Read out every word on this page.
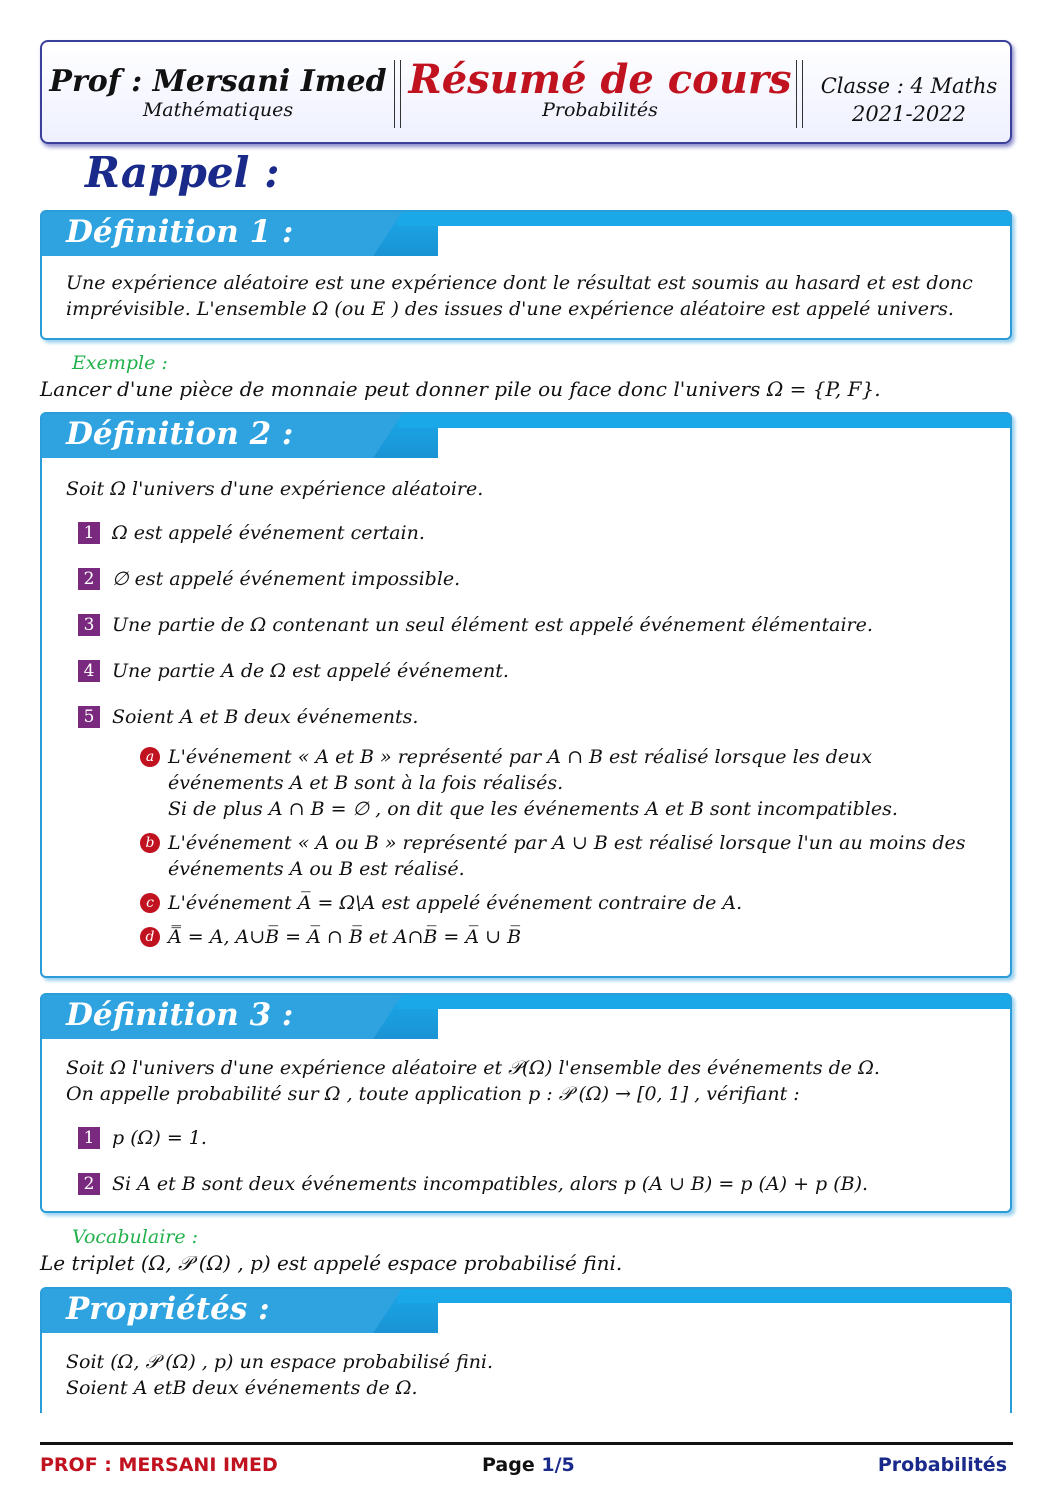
Prof : Mersani Imed
Mathématiques
Résumé de cours
Probabilités
Classe : 4 Maths
2021-2022
Rappel :
Définition 1 :
Une expérience aléatoire est une expérience dont le résultat est soumis au hasard et est donc imprévisible. L'ensemble Ω (ou E ) des issues d'une expérience aléatoire est appelé univers.
Exemple :
Lancer d'une pièce de monnaie peut donner pile ou face donc l'univers Ω = {P, F}.
Définition 2 :
Soit Ω l'univers d'une expérience aléatoire.
1 Ω est appelé événement certain.
2 ∅ est appelé événement impossible.
3 Une partie de Ω contenant un seul élément est appelé événement élémentaire.
4 Une partie A de Ω est appelé événement.
5 Soient A et B deux événements.
a L'événement « A et B » représenté par A ∩ B est réalisé lorsque les deux événements A et B sont à la fois réalisés.
Si de plus A ∩ B = ∅ , on dit que les événements A et B sont incompatibles.
b L'événement « A ou B » représenté par A ∪ B est réalisé lorsque l'un au moins des événements A ou B est réalisé.
c L'événement A̅ = Ω\A est appelé événement contraire de A.
d A̿ = A, A∪B̅ = A̅ ∩ B̅ et A∩B̅ = A̅ ∪ B̅
Définition 3 :
Soit Ω l'univers d'une expérience aléatoire et 𝒫(Ω) l'ensemble des événements de Ω.
On appelle probabilité sur Ω , toute application p : 𝒫 (Ω) → [0, 1] , vérifiant :
1 p (Ω) = 1.
2 Si A et B sont deux événements incompatibles, alors p (A ∪ B) = p (A) + p (B).
Vocabulaire :
Le triplet (Ω, 𝒫 (Ω) , p) est appelé espace probabilisé fini.
Propriétés :
Soit (Ω, 𝒫 (Ω) , p) un espace probabilisé fini.
Soient A etB deux événements de Ω.
PROF : MERSANI IMED	Page 1/5	Probabilités
